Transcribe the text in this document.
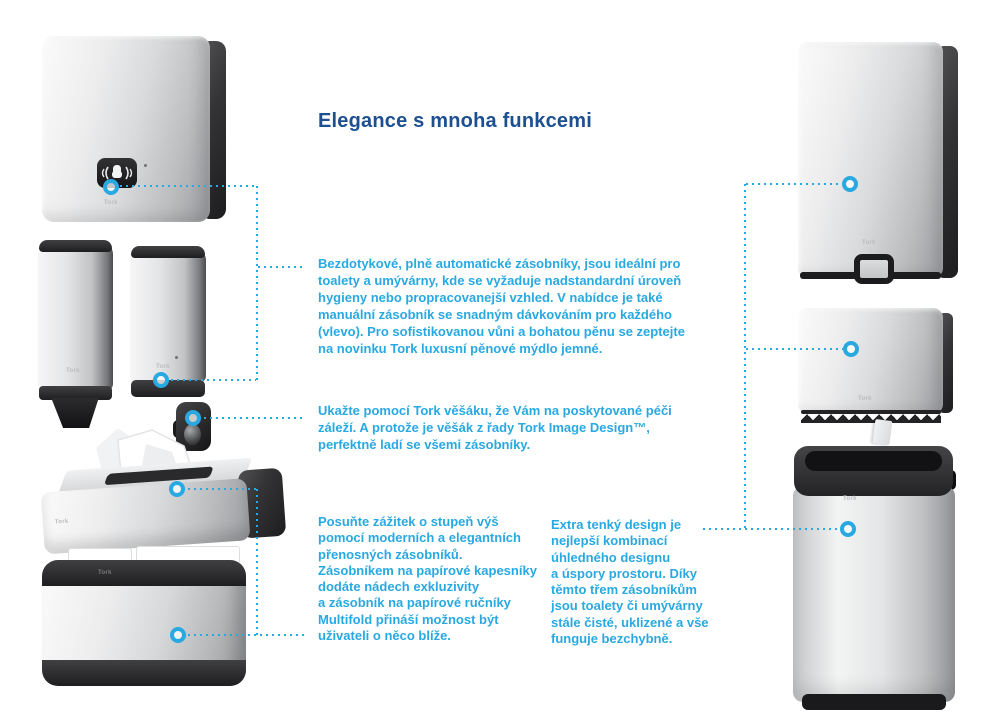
Tork
Tork
Tork
Tork
Tork
Tork
Tork
Tork
Elegance s mnoha funkcemi
Bezdotykové, plně automatické zásobníky, jsou ideální pro
toalety a umývárny, kde se vyžaduje nadstandardní úroveň
hygieny nebo propracovanejší vzhled. V nabídce je také
manuální zásobník se snadným dávkováním pro každého
(vlevo). Pro sofistikovanou vůni a bohatou pěnu se zeptejte
na novinku Tork luxusní pěnové mýdlo jemné.
Ukažte pomocí Tork věšáku, že Vám na poskytované péči
záleží. A protože je věšák z řady Tork Image Design™,
perfektně ladí se všemi zásobníky.
Posuňte zážitek o stupeň výš
pomocí moderních a elegantních
přenosných zásobníků.
Zásobníkem na papírové kapesníky
dodáte nádech exkluzivity
a zásobník na papírové ručníky
Multifold přináší možnost být
uživateli o něco blíže.
Extra tenký design je
nejlepší kombinací
úhledného designu
a úspory prostoru. Díky
těmto třem zásobníkům
jsou toalety či umývárny
stále čisté, uklizené a vše
funguje bezchybně.
